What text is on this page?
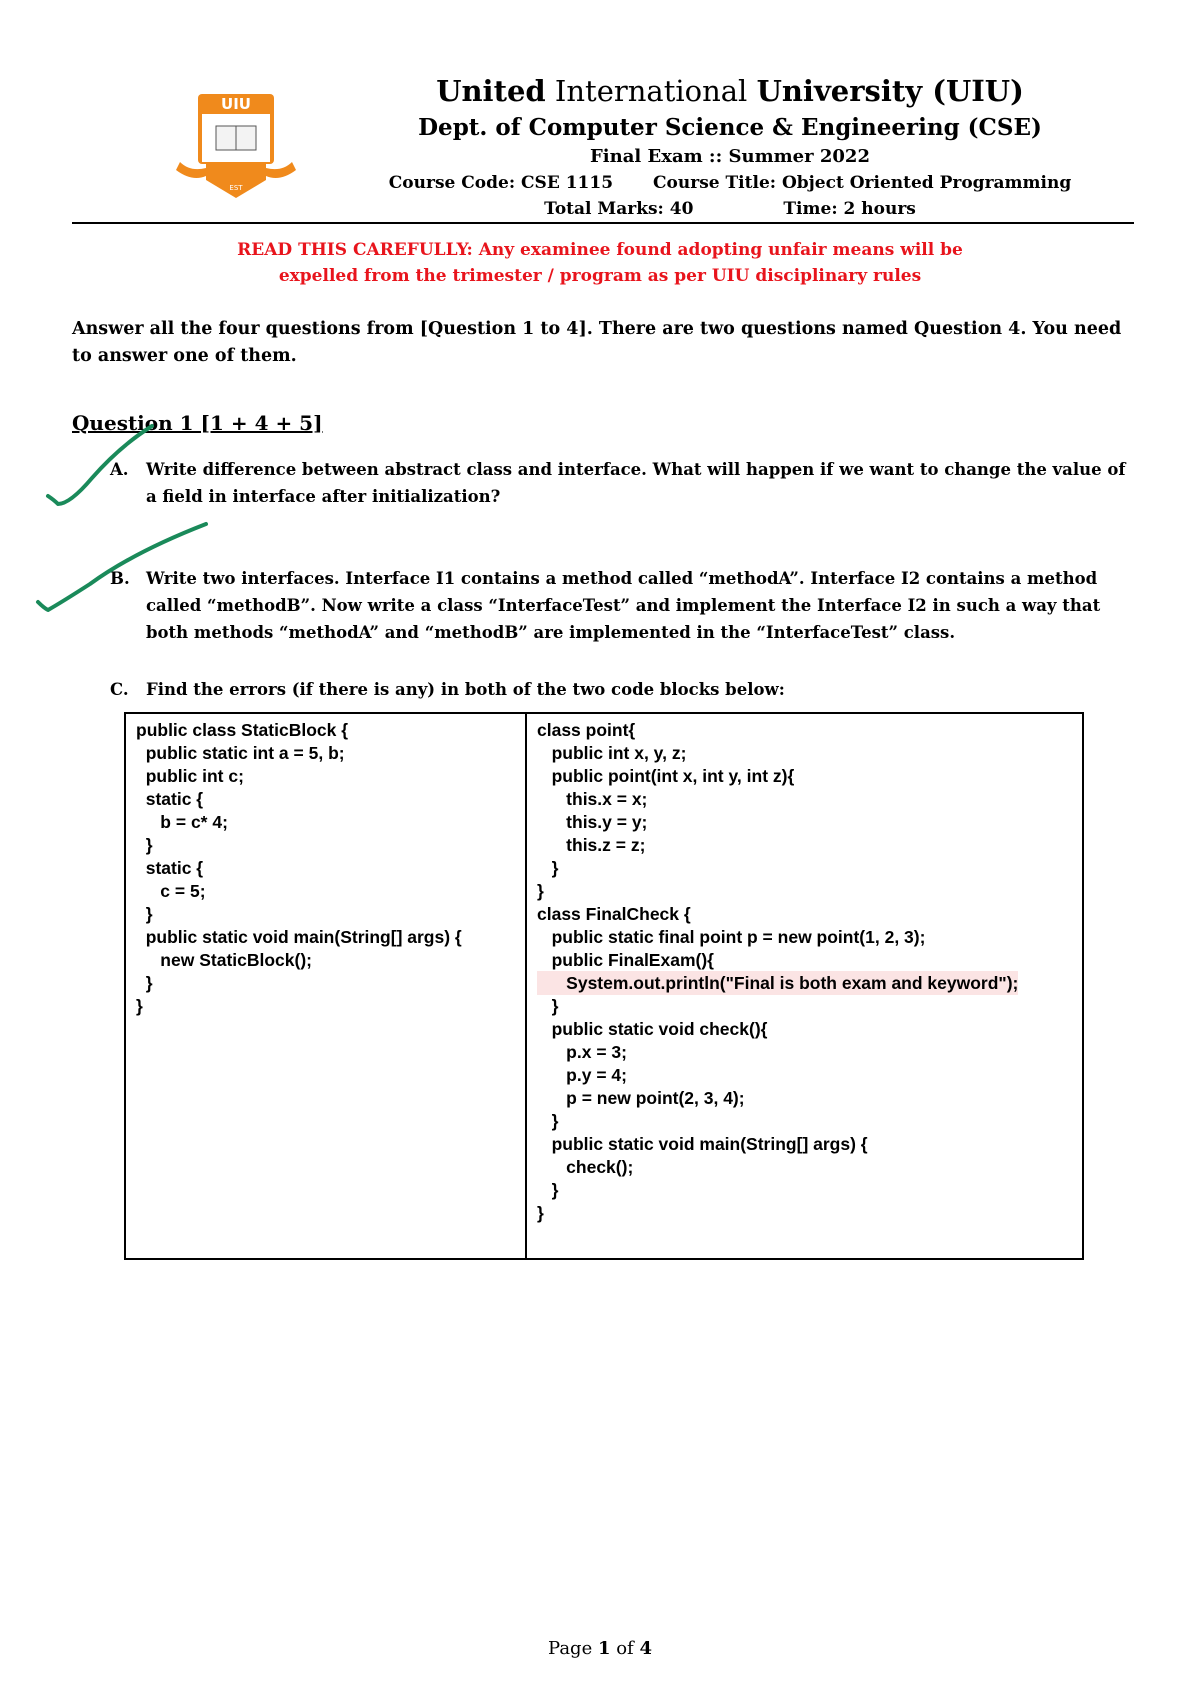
UIU
EST
United International University (UIU)
Dept. of Computer Science & Engineering (CSE)
Final Exam :: Summer 2022
Course Code: CSE 1115 Course Title: Object Oriented Programming
Total Marks: 40	Time: 2 hours
READ THIS CAREFULLY: Any examinee found adopting unfair means will be
expelled from the trimester / program as per UIU disciplinary rules
Answer all the four questions from [Question 1 to 4]. There are two questions named Question 4. You need to answer one of them.
Question 1 [1 + 4 + 5]
A. Write difference between abstract class and interface. What will happen if we want to change the value of a field in interface after initialization?
B. Write two interfaces. Interface I1 contains a method called “methodA”. Interface I2 contains a method called “methodB”. Now write a class “InterfaceTest” and implement the Interface I2 in such a way that both methods “methodA” and “methodB” are implemented in the “InterfaceTest” class.
C. Find the errors (if there is any) in both of the two code blocks below:
public class StaticBlock {
public static int a = 5, b;
public int c;
static {
b = c* 4;
}
static {
c = 5;
}
public static void main(String[] args) {
new StaticBlock();
}
}
class point{
public int x, y, z;
public point(int x, int y, int z){
this.x = x;
this.y = y;
this.z = z;
}
}
class FinalCheck {
public static final point p = new point(1, 2, 3);
public FinalExam(){
System.out.println("Final is both exam and keyword");
}
public static void check(){
p.x = 3;
p.y = 4;
p = new point(2, 3, 4);
}
public static void main(String[] args) {
check();
}
}
Page 1 of 4
